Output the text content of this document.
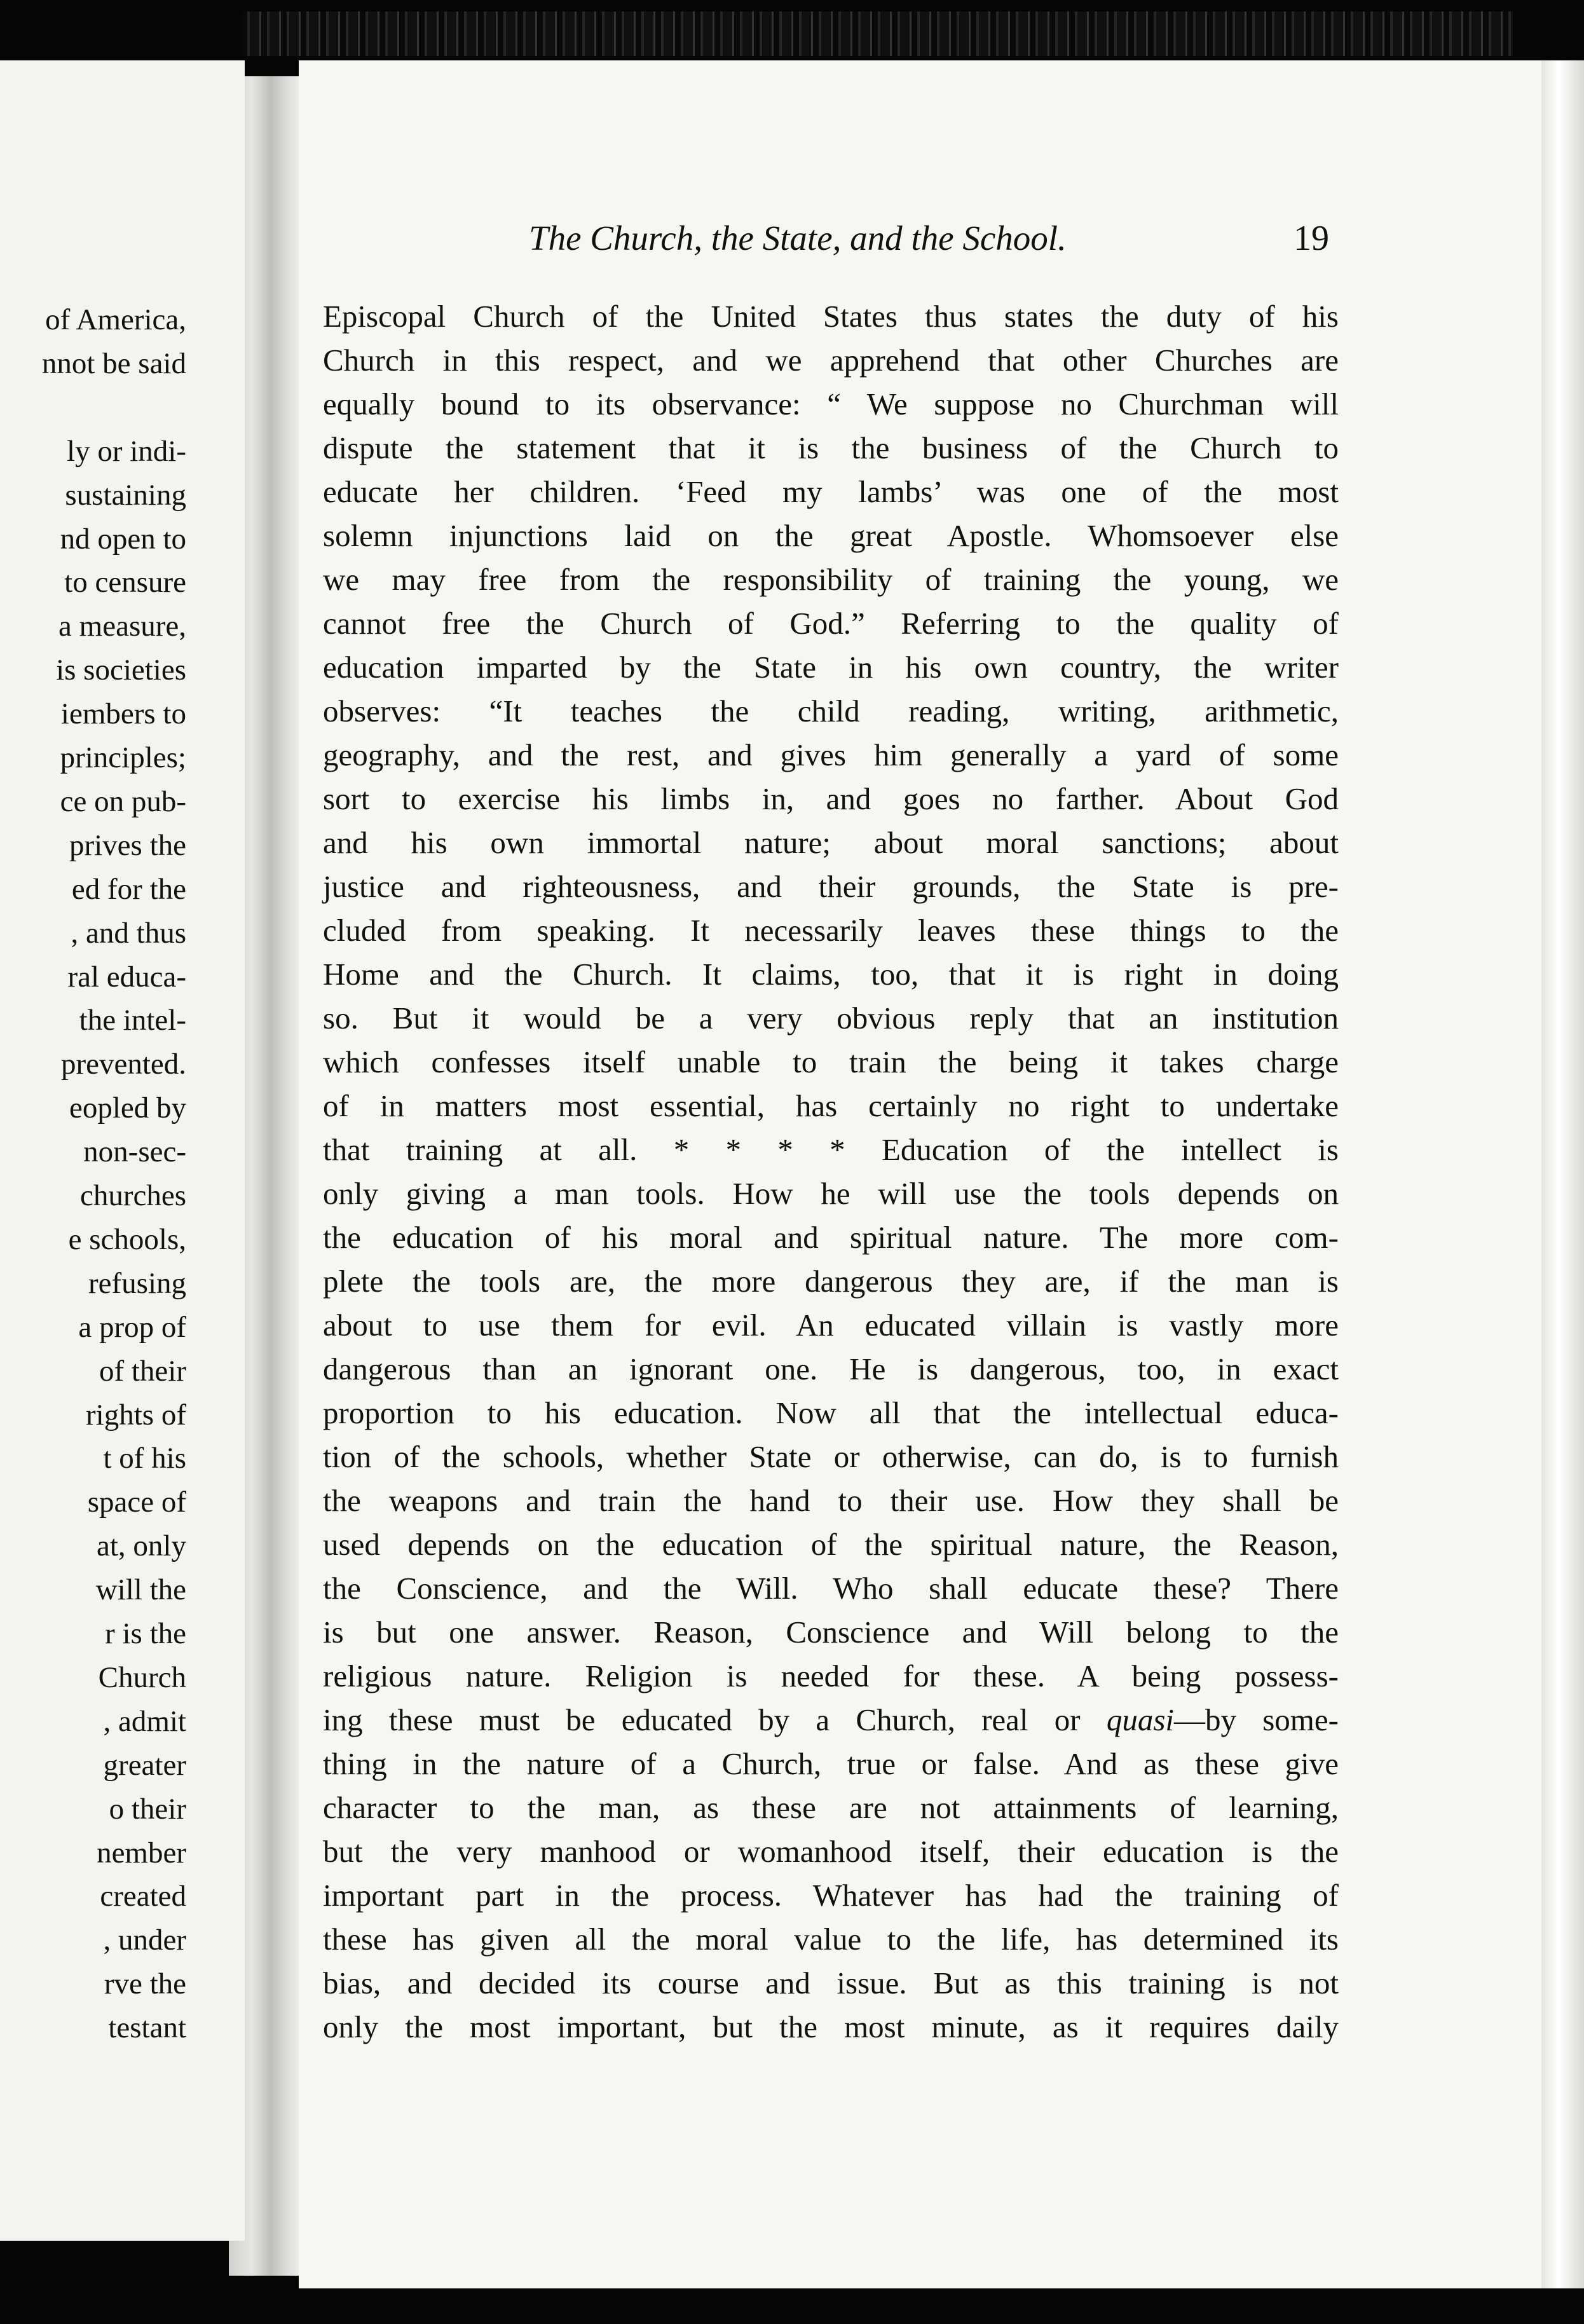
of America,
nnot be said
ly or indi-
sustaining
nd open to
to censure
a measure,
is societies
iembers to
principles;
ce on pub-
prives the
ed for the
, and thus
ral educa-
the intel-
prevented.
eopled by
non-sec-
churches
e schools,
refusing
a prop of
of their
rights of
t of his
space of
at, only
will the
r is the
Church
, admit
greater
o their
nember
created
, under
rve the
testant
The Church, the State, and the School.	19
Episcopal Church of the United States thus states the duty of his
Church in this respect, and we apprehend that other Churches are
equally bound to its observance: “ We suppose no Churchman will
dispute the statement that it is the business of the Church to
educate her children. ‘Feed my lambs’ was one of the most
solemn injunctions laid on the great Apostle. Whomsoever else
we may free from the responsibility of training the young, we
cannot free the Church of God.” Referring to the quality of
education imparted by the State in his own country, the writer
observes: “It teaches the child reading, writing, arithmetic,
geography, and the rest, and gives him generally a yard of some
sort to exercise his limbs in, and goes no farther. About God
and his own immortal nature; about moral sanctions; about
justice and righteousness, and their grounds, the State is pre-
cluded from speaking. It necessarily leaves these things to the
Home and the Church. It claims, too, that it is right in doing
so. But it would be a very obvious reply that an institution
which confesses itself unable to train the being it takes charge
of in matters most essential, has certainly no right to undertake
that training at all. * * * * Education of the intellect is
only giving a man tools. How he will use the tools depends on
the education of his moral and spiritual nature. The more com-
plete the tools are, the more dangerous they are, if the man is
about to use them for evil. An educated villain is vastly more
dangerous than an ignorant one. He is dangerous, too, in exact
proportion to his education. Now all that the intellectual educa-
tion of the schools, whether State or otherwise, can do, is to furnish
the weapons and train the hand to their use. How they shall be
used depends on the education of the spiritual nature, the Reason,
the Conscience, and the Will. Who shall educate these? There
is but one answer. Reason, Conscience and Will belong to the
religious nature. Religion is needed for these. A being possess-
ing these must be educated by a Church, real or quasi—by some-
thing in the nature of a Church, true or false. And as these give
character to the man, as these are not attainments of learning,
but the very manhood or womanhood itself, their education is the
important part in the process. Whatever has had the training of
these has given all the moral value to the life, has determined its
bias, and decided its course and issue. But as this training is not
only the most important, but the most minute, as it requires daily
